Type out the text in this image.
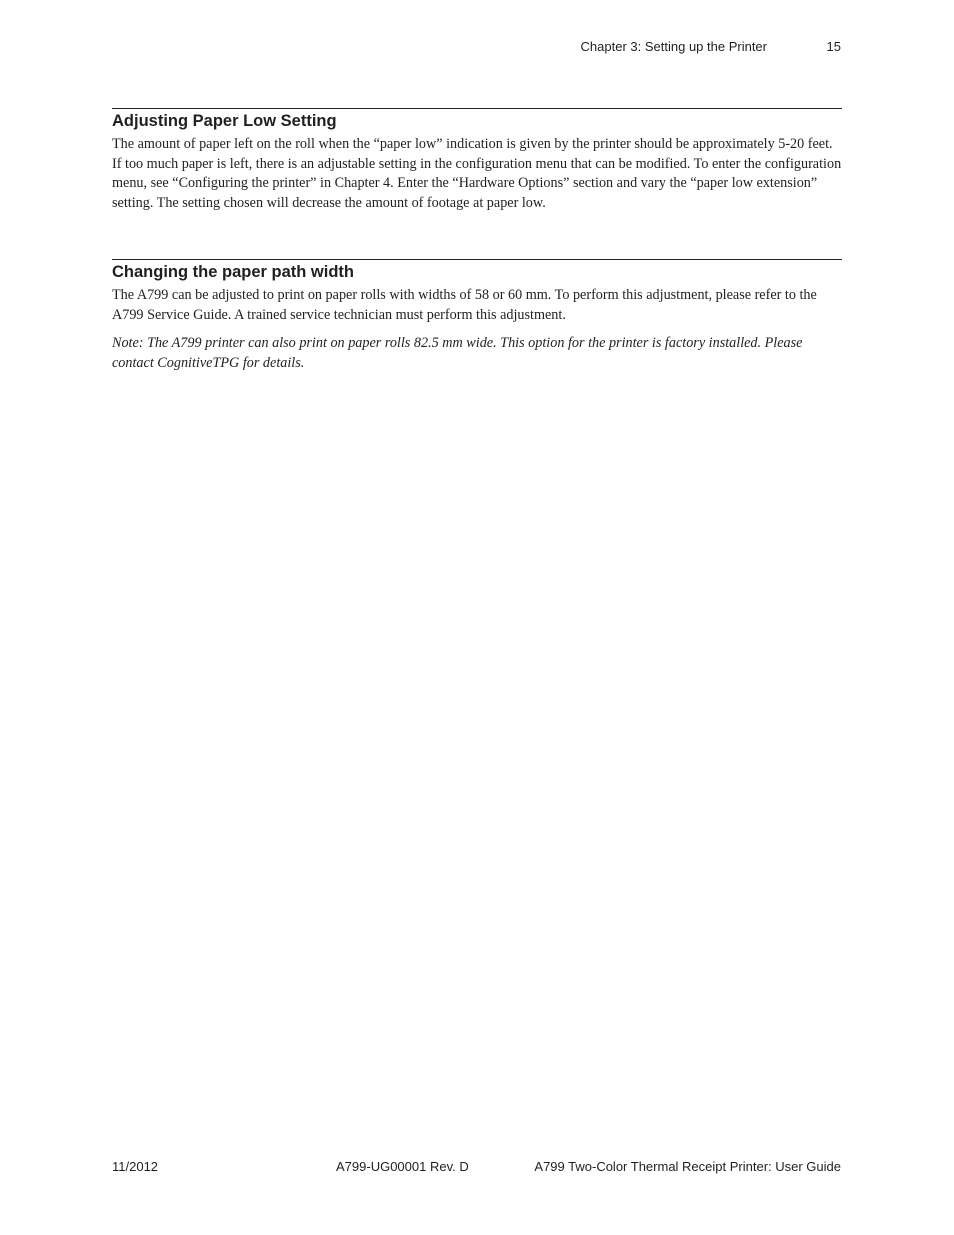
Chapter 3: Setting up the Printer	15
Adjusting Paper Low Setting

The amount of paper left on the roll when the “paper low” indication is given by the printer should be approximately 5-20 feet. If too much paper is left, there is an adjustable setting in the configuration menu that can be modified. To enter the configuration menu, see “Configuring the printer” in Chapter 4. Enter the “Hardware Options” section and vary the “paper low extension” setting. The setting chosen will decrease the amount of footage at paper low.

Changing the paper path width

The A799 can be adjusted to print on paper rolls with widths of 58 or 60 mm. To perform this adjustment, please refer to the A799 Service Guide. A trained service technician must perform this adjustment.

Note: The A799 printer can also print on paper rolls 82.5 mm wide. This option for the printer is factory installed. Please contact CognitiveTPG for details.

11/2012	A799-UG00001 Rev. D	A799 Two-Color Thermal Receipt Printer: User Guide
